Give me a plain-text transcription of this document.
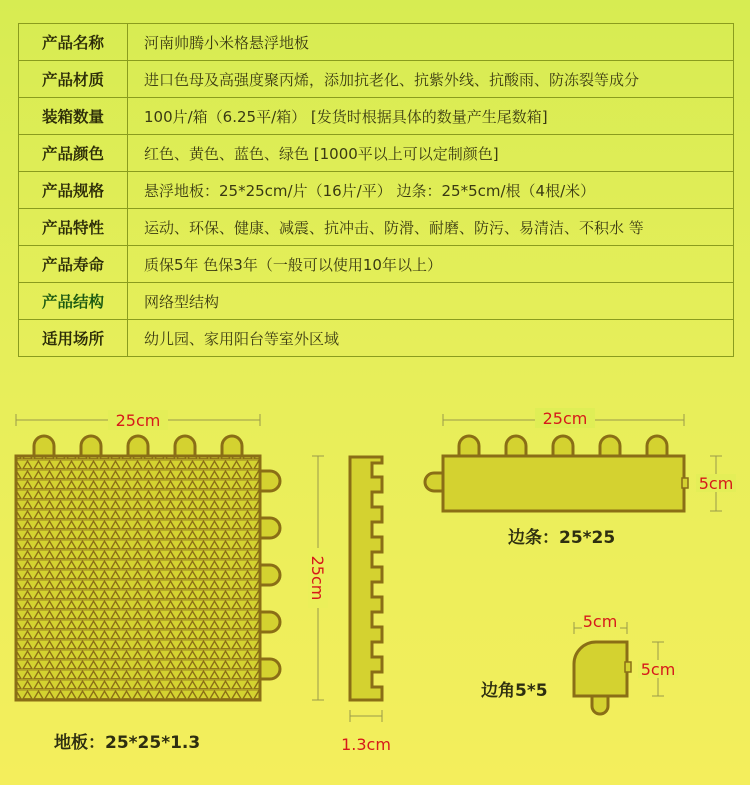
产品名称	河南帅腾小米格悬浮地板
产品材质	进口色母及高强度聚丙烯，添加抗老化、抗紫外线、抗酸雨、防冻裂等成分
装箱数量	100片/箱（6.25平/箱） [发货时根据具体的数量产生尾数箱]
产品颜色	红色、黄色、蓝色、绿色 [1000平以上可以定制颜色]
产品规格	悬浮地板：25*25cm/片（16片/平） 边条：25*5cm/根（4根/米）
产品特性	运动、环保、健康、减震、抗冲击、防滑、耐磨、防污、易清洁、不积水 等
产品寿命	质保5年 色保3年（一般可以使用10年以上）
产品结构	网络型结构
适用场所	幼儿园、家用阳台等室外区域
25cm
25cm
1.3cm
地板：25*25*1.3
25cm
5cm
边条：25*25
5cm
5cm
边角5*5
